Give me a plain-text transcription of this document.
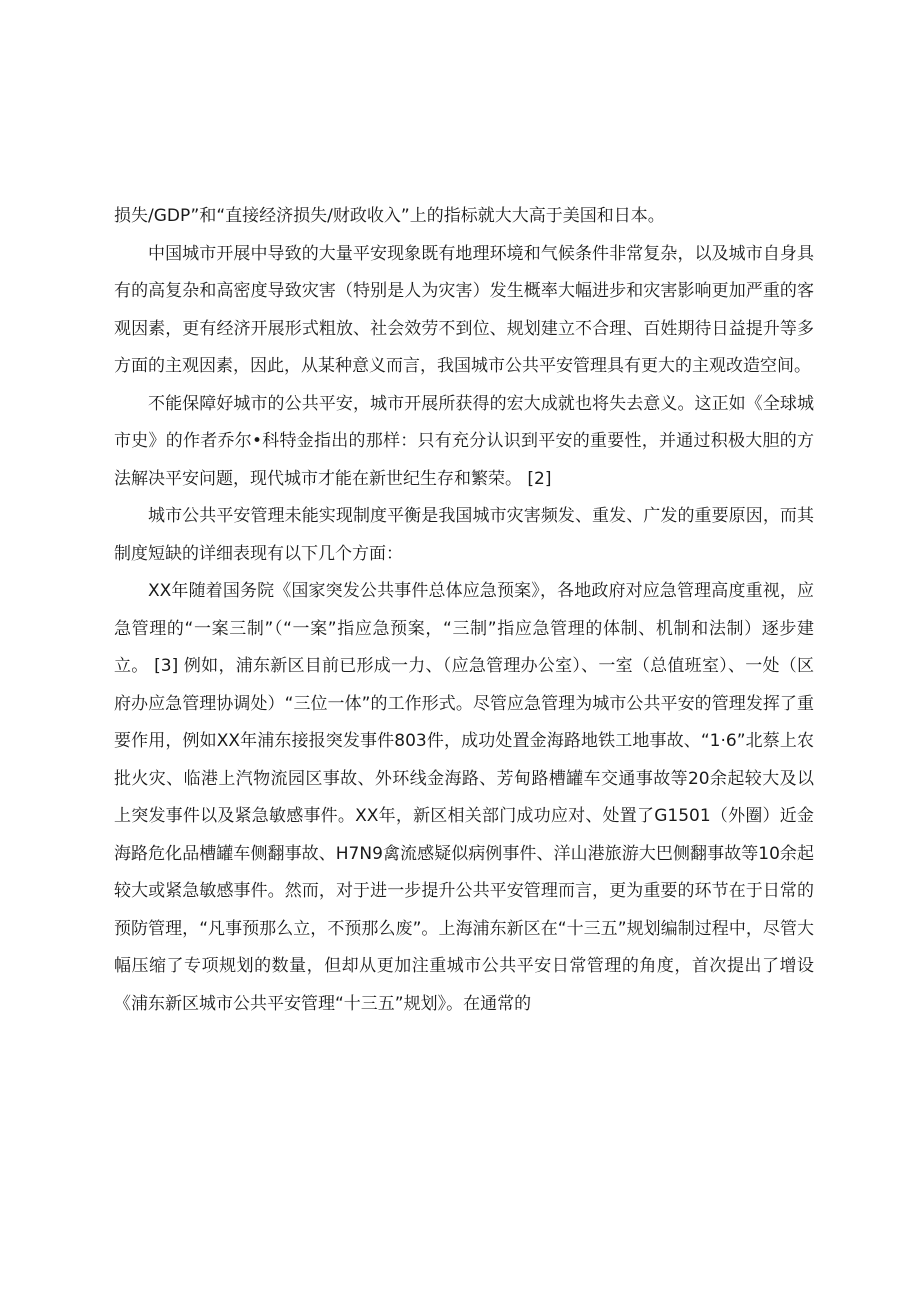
损失/GDP”和“直接经济损失/财政收入”上的指标就大大高于美国和日本。

中国城市开展中导致的大量平安现象既有地理环境和气候条件非常复杂，以及城市自身具有的高复杂和高密度导致灾害（特别是人为灾害）发生概率大幅进步和灾害影响更加严重的客观因素，更有经济开展形式粗放、社会效劳不到位、规划建立不合理、百姓期待日益提升等多方面的主观因素，因此，从某种意义而言，我国城市公共平安管理具有更大的主观改造空间。

不能保障好城市的公共平安，城市开展所获得的宏大成就也将失去意义。这正如《全球城市史》的作者乔尔•科特金指出的那样：只有充分认识到平安的重要性，并通过积极大胆的方法解决平安问题，现代城市才能在新世纪生存和繁荣。 [2]

城市公共平安管理未能实现制度平衡是我国城市灾害频发、重发、广发的重要原因，而其制度短缺的详细表现有以下几个方面：

XX年随着国务院《国家突发公共事件总体应急预案》，各地政府对应急管理高度重视，应急管理的“一案三制”（“一案”指应急预案，“三制”指应急管理的体制、机制和法制）逐步建立。 [3] 例如，浦东新区目前已形成一力、（应急管理办公室）、一室（总值班室）、一处（区府办应急管理协调处）“三位一体”的工作形式。尽管应急管理为城市公共平安的管理发挥了重要作用，例如XX年浦东接报突发事件803件，成功处置金海路地铁工地事故、“1·6”北蔡上农批火灾、临港上汽物流园区事故、外环线金海路、芳甸路槽罐车交通事故等20余起较大及以上突发事件以及紧急敏感事件。XX年，新区相关部门成功应对、处置了G1501（外圈）近金海路危化品槽罐车侧翻事故、H7N9禽流感疑似病例事件、洋山港旅游大巴侧翻事故等10余起较大或紧急敏感事件。然而，对于进一步提升公共平安管理而言，更为重要的环节在于日常的预防管理，“凡事预那么立，不预那么废”。上海浦东新区在“十三五”规划编制过程中，尽管大幅压缩了专项规划的数量，但却从更加注重城市公共平安日常管理的角度，首次提出了增设《浦东新区城市公共平安管理“十三五”规划》。在通常的
